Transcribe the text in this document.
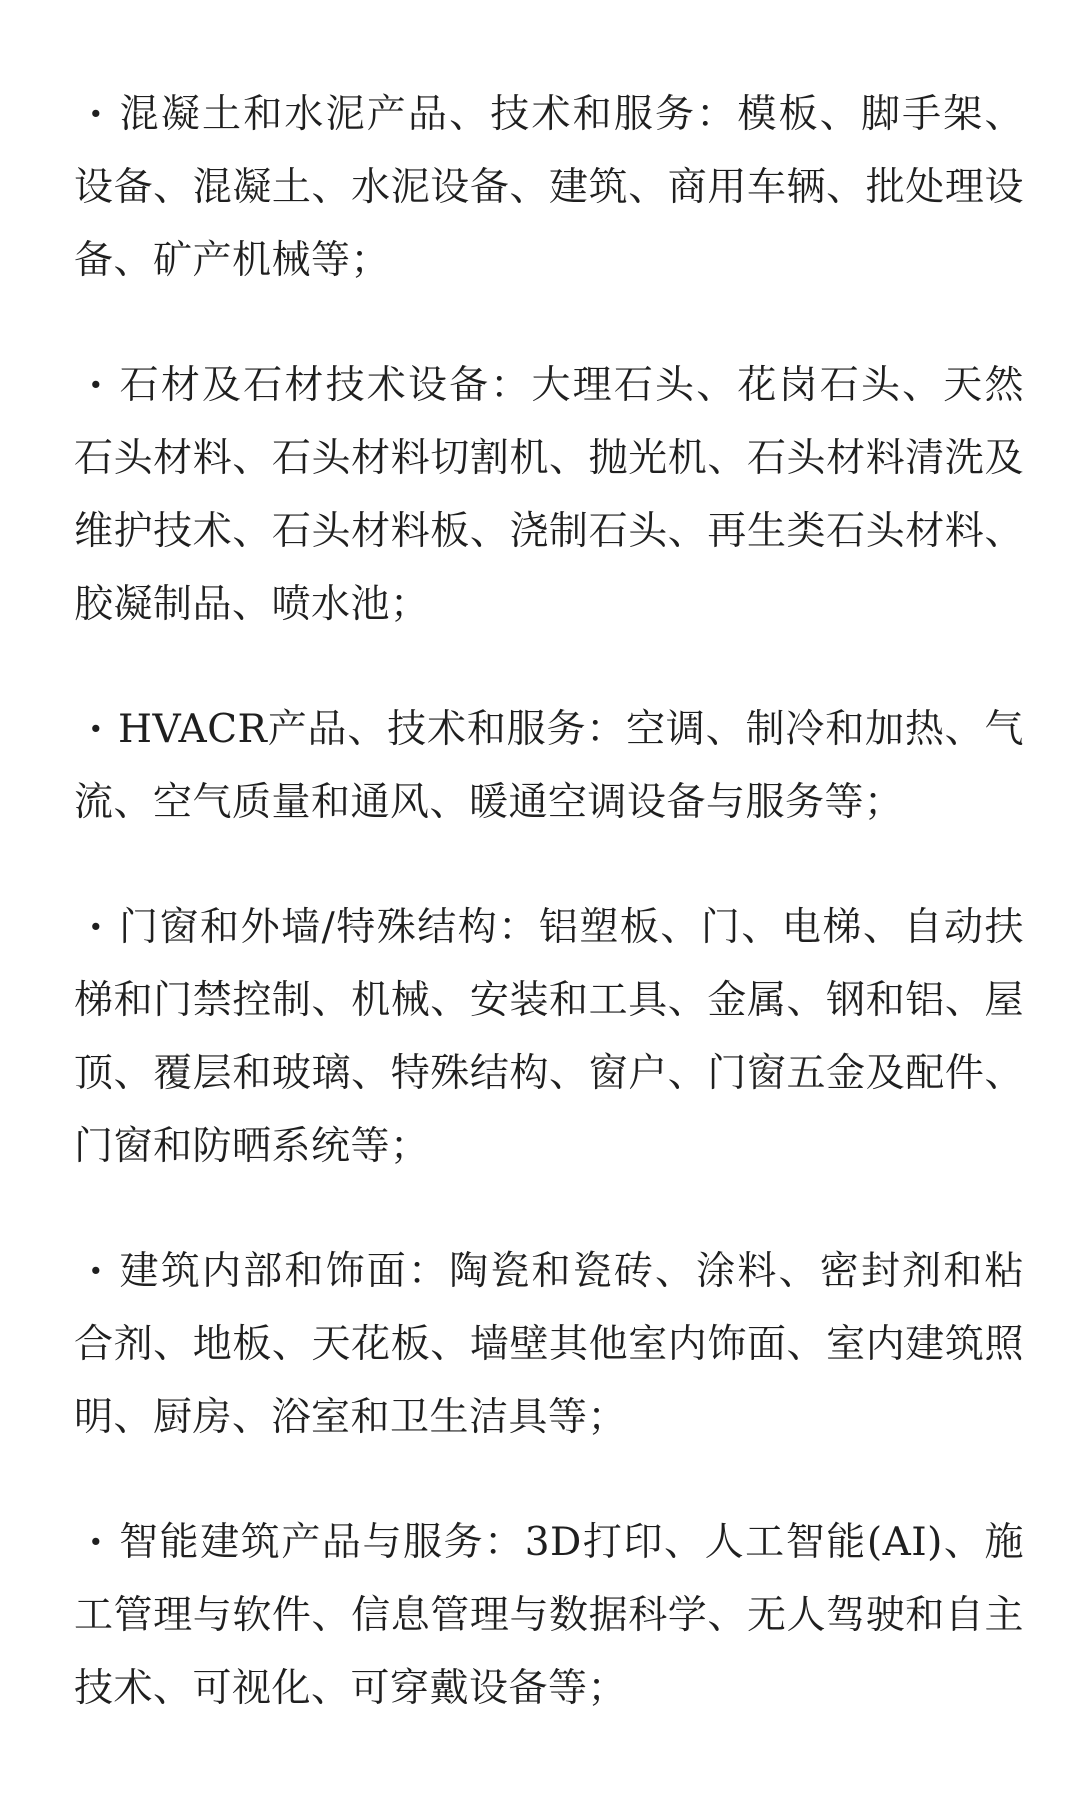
· 混凝土和水泥产品、技术和服务：模板、脚手架、设备、混凝土、水泥设备、建筑、商用车辆、批处理设备、矿产机械等；

· 石材及石材技术设备：大理石头、花岗石头、天然石头材料、石头材料切割机、抛光机、石头材料清洗及维护技术、石头材料板、浇制石头、再生类石头材料、胶凝制品、喷水池；

· HVACR产品、技术和服务：空调、制冷和加热、气流、空气质量和通风、暖通空调设备与服务等；

· 门窗和外墙/特殊结构：铝塑板、门、电梯、自动扶梯和门禁控制、机械、安装和工具、金属、钢和铝、屋顶、覆层和玻璃、特殊结构、窗户、门窗五金及配件、门窗和防晒系统等；

· 建筑内部和饰面：陶瓷和瓷砖、涂料、密封剂和粘合剂、地板、天花板、墙壁其他室内饰面、室内建筑照明、厨房、浴室和卫生洁具等；

· 智能建筑产品与服务：3D打印、人工智能(AI)、施工管理与软件、信息管理与数据科学、无人驾驶和自主技术、可视化、可穿戴设备等；
